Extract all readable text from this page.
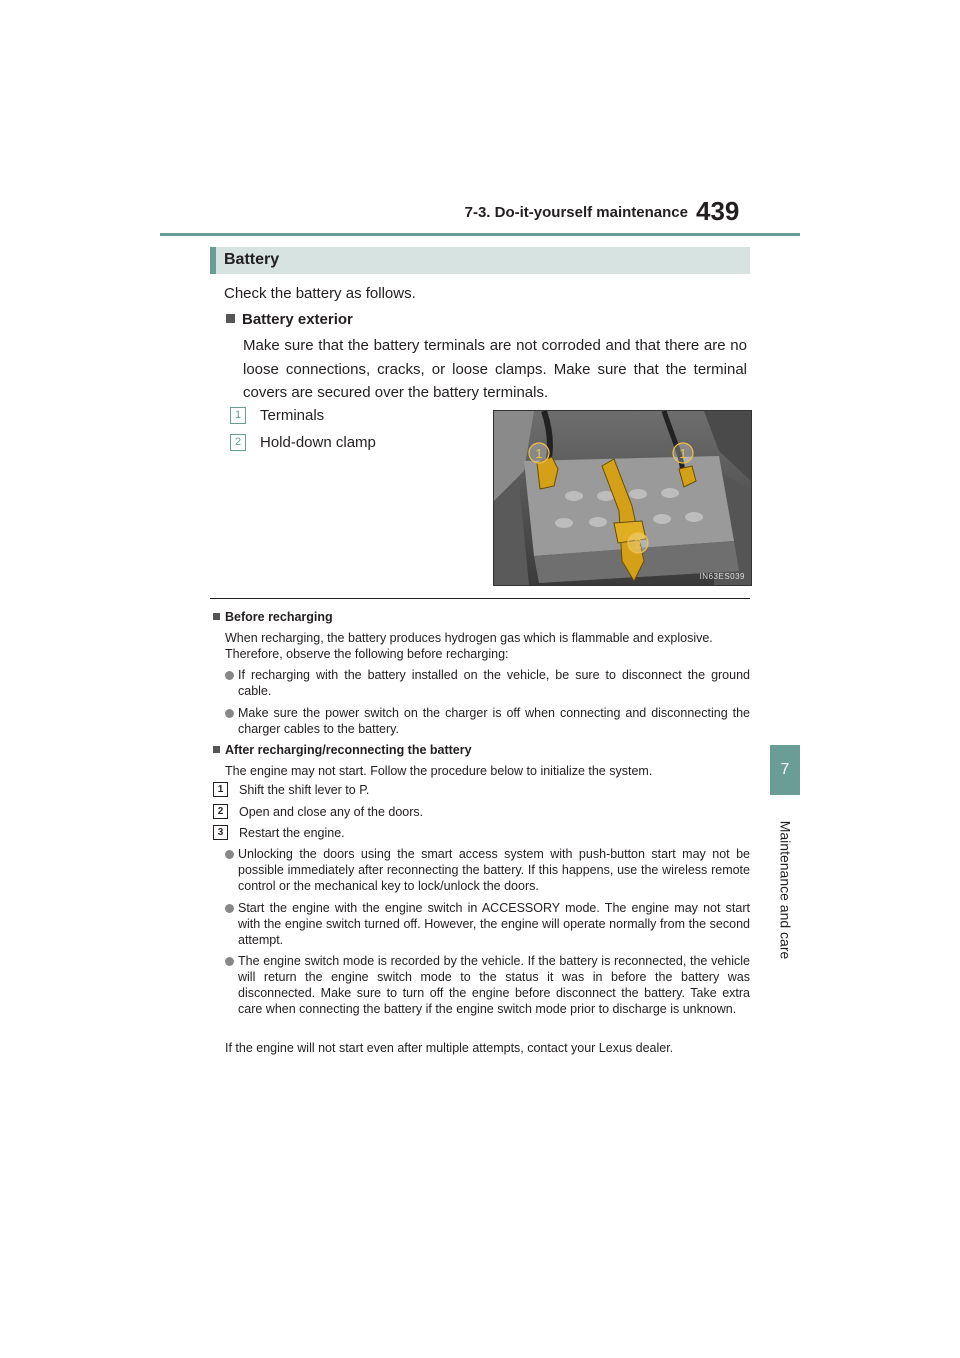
7-3. Do-it-yourself maintenance 439
7
Maintenance and care
Battery
Check the battery as follows.
Battery exterior
Make sure that the battery terminals are not corroded and that there are no loose connections, cracks, or loose clamps. Make sure that the terminal covers are secured over the battery terminals.
1	Terminals
2	Hold-down clamp
1	1
2
IN63ES039
Before recharging
When recharging, the battery produces hydrogen gas which is flammable and explosive. Therefore, observe the following before recharging:
If recharging with the battery installed on the vehicle, be sure to disconnect the ground cable.
Make sure the power switch on the charger is off when connecting and disconnecting the charger cables to the battery.
After recharging/reconnecting the battery
The engine may not start. Follow the procedure below to initialize the system.
1	Shift the shift lever to P.
2	Open and close any of the doors.
3	Restart the engine.
Unlocking the doors using the smart access system with push-button start may not be possible immediately after reconnecting the battery. If this happens, use the wireless remote control or the mechanical key to lock/unlock the doors.
Start the engine with the engine switch in ACCESSORY mode. The engine may not start with the engine switch turned off. However, the engine will operate normally from the second attempt.
The engine switch mode is recorded by the vehicle. If the battery is reconnected, the vehicle will return the engine switch mode to the status it was in before the battery was disconnected. Make sure to turn off the engine before disconnect the battery. Take extra care when connecting the battery if the engine switch mode prior to discharge is unknown.
If the engine will not start even after multiple attempts, contact your Lexus dealer.
